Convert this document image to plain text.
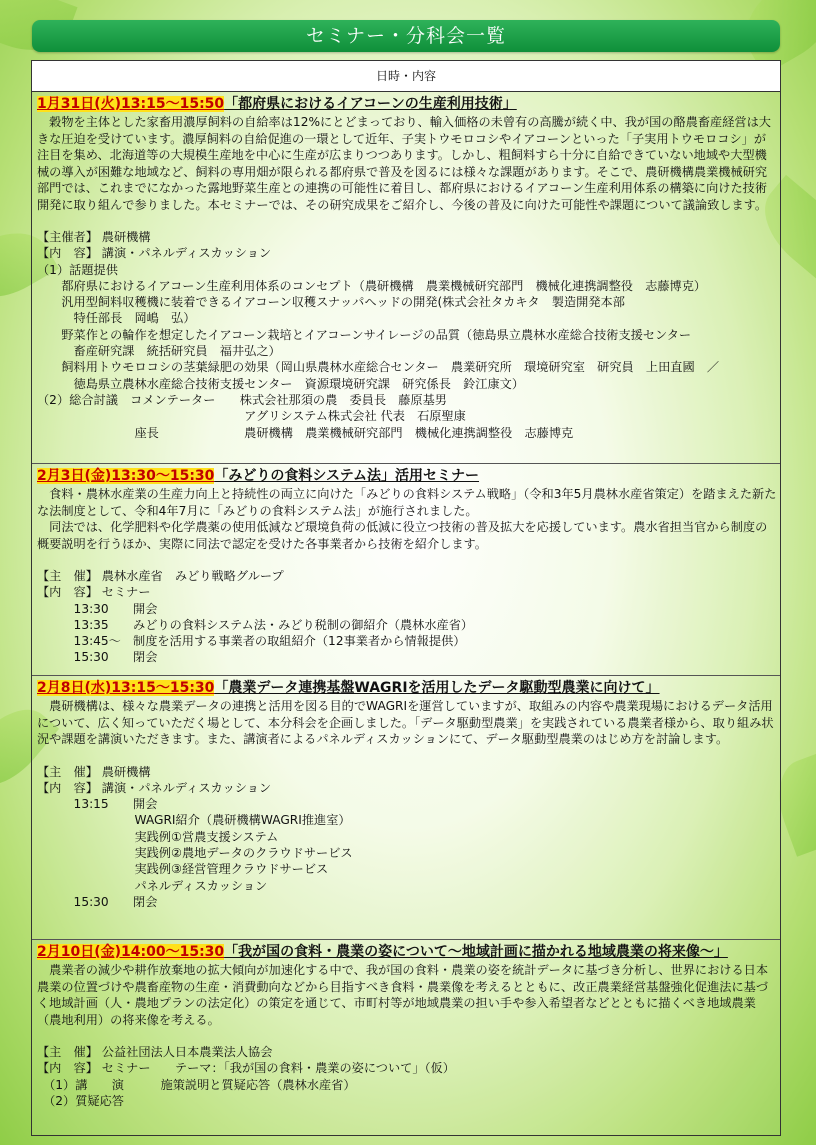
セミナー・分科会一覧
日時・内容
1月31日(火)13:15～15:50「都府県におけるイアコーンの生産利用技術」

　穀物を主体とした家畜用濃厚飼料の自給率は12%にとどまっており、輸入価格の未曾有の高騰が続く中、我が国の酪農畜産経営は大きな圧迫を受けています。濃厚飼料の自給促進の一環として近年、子実トウモロコシやイアコーンといった「子実用トウモロコシ」が注目を集め、北海道等の大規模生産地を中心に生産が広まりつつあります。しかし、粗飼料すら十分に自給できていない地域や大型機械の導入が困難な地域など、飼料の専用畑が限られる都府県で普及を図るには様々な課題があります。そこで、農研機構農業機械研究部門では、これまでになかった露地野菜生産との連携の可能性に着目し、都府県におけるイアコーン生産利用体系の構築に向けた技術開発に取り組んで参りました。本セミナーでは、その研究成果をご紹介し、今後の普及に向けた可能性や課題について議論致します。

【主催者】 農研機構
【内　容】 講演・パネルディスカッション
（1）話題提供
　　都府県におけるイアコーン生産利用体系のコンセプト（農研機構　農業機械研究部門　機械化連携調整役　志藤博克）
　　汎用型飼料収穫機に装着できるイアコーン収穫スナッパヘッドの開発(株式会社タカキタ　製造開発本部
　　　特任部長　岡嶋　弘）
　　野菜作との輪作を想定したイアコーン栽培とイアコーンサイレージの品質（徳島県立農林水産総合技術支援センター
　　　畜産研究課　統括研究員　福井弘之）
　　飼料用トウモロコシの茎葉緑肥の効果（岡山県農林水産総合センター　農業研究所　環境研究室　研究員　上田直國　／
　　　徳島県立農林水産総合技術支援センター　資源環境研究課　研究係長　鈴江康文）
（2）総合討議　コメンテーター　　株式会社那須の農　委員長　藤原基男
　　　　　　　　　　　　　　　　　アグリシステム株式会社 代表　石原聖康
　　　　　　　　座長　　　　　　　農研機構　農業機械研究部門　機械化連携調整役　志藤博克
2月3日(金)13:30～15:30「みどりの食料システム法」活用セミナー

　食料・農林水産業の生産力向上と持続性の両立に向けた「みどりの食料システム戦略」（令和3年5月農林水産省策定）を踏まえた新たな法制度として、令和4年7月に「みどりの食料システム法」が施行されました。
　同法では、化学肥料や化学農薬の使用低減など環境負荷の低減に役立つ技術の普及拡大を応援しています。農水省担当官から制度の概要説明を行うほか、実際に同法で認定を受けた各事業者から技術を紹介します。

【主　催】 農林水産省　みどり戦略グループ
【内　容】 セミナー
　　　13:30　　開会
　　　13:35　　みどりの食料システム法・みどり税制の御紹介（農林水産省）
　　　13:45～　制度を活用する事業者の取組紹介（12事業者から情報提供）
　　　15:30　　閉会
2月8日(水)13:15～15:30「農業データ連携基盤WAGRIを活用したデータ駆動型農業に向けて」

　農研機構は、様々な農業データの連携と活用を図る目的でWAGRIを運営していますが、取組みの内容や農業現場におけるデータ活用について、広く知っていただく場として、本分科会を企画しました。「データ駆動型農業」を実践されている農業者様から、取り組み状況や課題を講演いただきます。また、講演者によるパネルディスカッションにて、データ駆動型農業のはじめ方を討論します。

【主　催】 農研機構
【内　容】 講演・パネルディスカッション
　　　13:15　　開会
　　　　　　　　WAGRI紹介（農研機構WAGRI推進室）
　　　　　　　　実践例①営農支援システム
　　　　　　　　実践例②農地データのクラウドサービス
　　　　　　　　実践例③経営管理クラウドサービス
　　　　　　　　パネルディスカッション
　　　15:30　　閉会
2月10日(金)14:00～15:30「我が国の食料・農業の姿について～地域計画に描かれる地域農業の将来像～」

　農業者の減少や耕作放棄地の拡大傾向が加速化する中で、我が国の食料・農業の姿を統計データに基づき分析し、世界における日本農業の位置づけや農畜産物の生産・消費動向などから目指すべき食料・農業像を考えるとともに、改正農業経営基盤強化促進法に基づく地域計画（人・農地プランの法定化）の策定を通じて、市町村等が地域農業の担い手や参入希望者などとともに描くべき地域農業（農地利用）の将来像を考える。

【主　催】 公益社団法人日本農業法人協会
【内　容】 セミナー　　テーマ：「我が国の食料・農業の姿について」（仮）
　（1）講　　演　　　施策説明と質疑応答（農林水産省）
　（2）質疑応答
